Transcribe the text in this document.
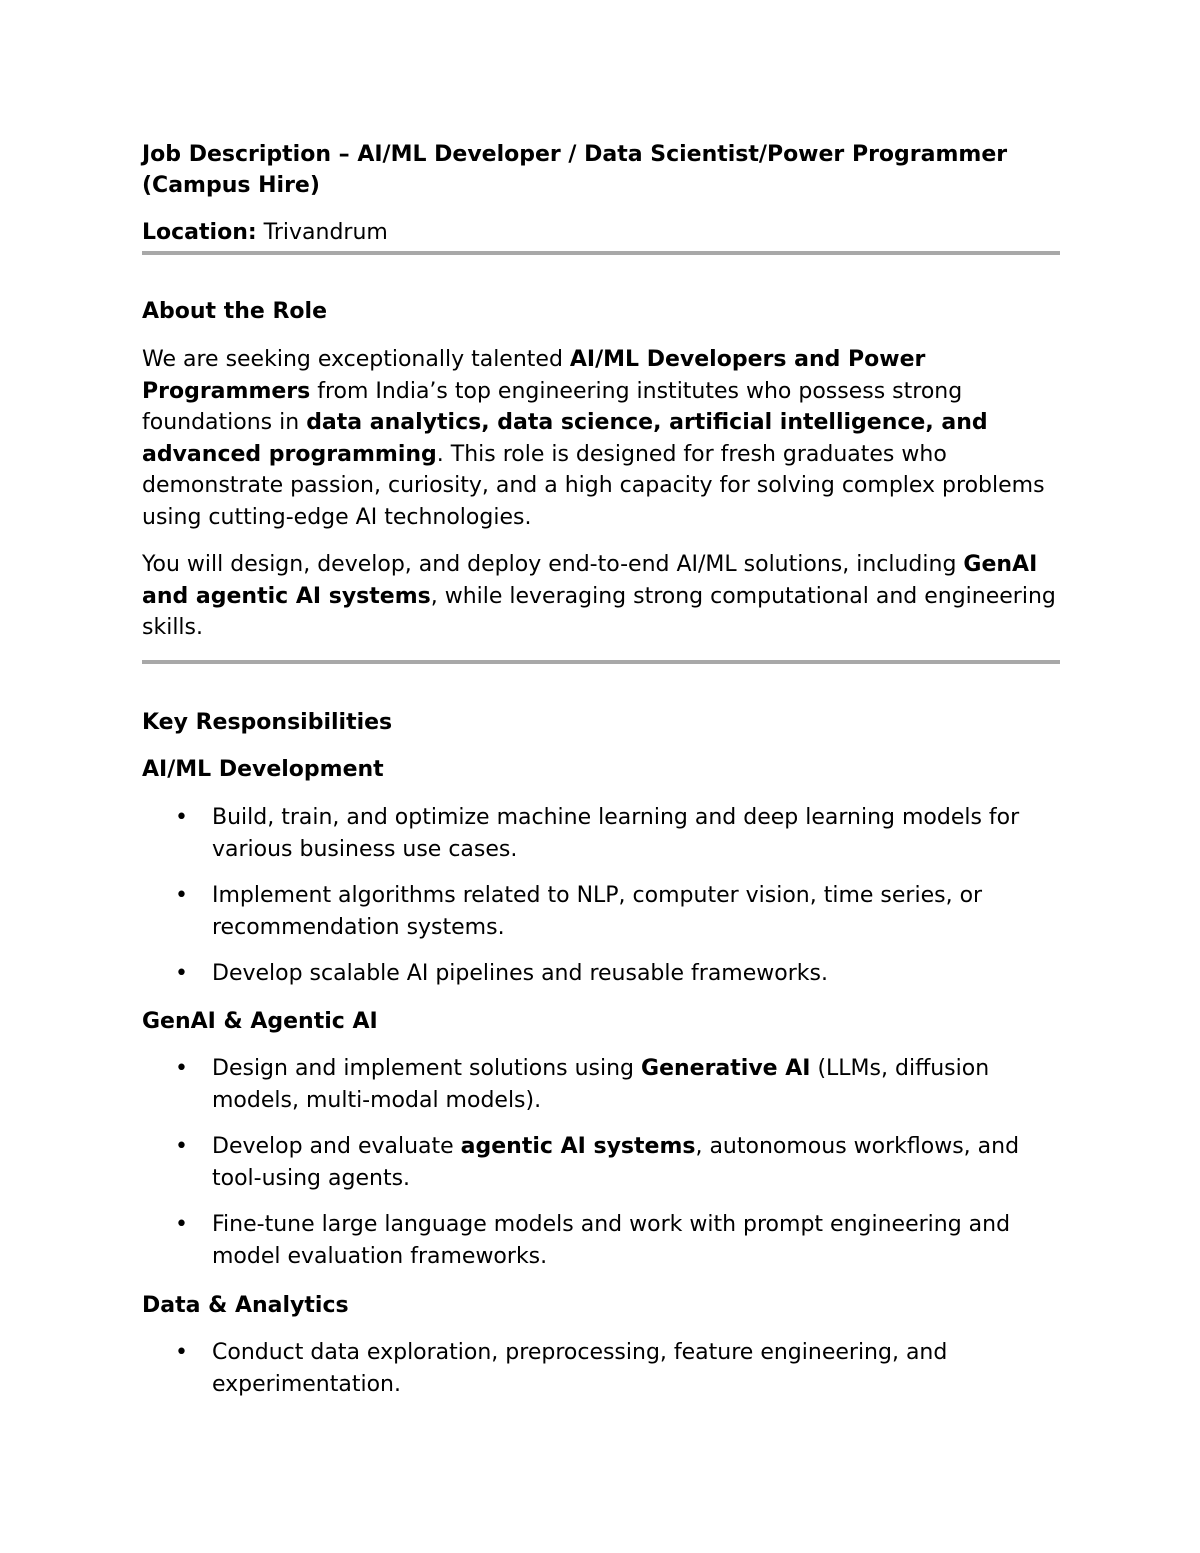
Job Description – AI/ML Developer / Data Scientist/Power Programmer (Campus Hire)

Location: Trivandrum

About the Role

We are seeking exceptionally talented AI/ML Developers and Power Programmers from India’s top engineering institutes who possess strong foundations in data analytics, data science, artificial intelligence, and advanced programming. This role is designed for fresh graduates who demonstrate passion, curiosity, and a high capacity for solving complex problems using cutting-edge AI technologies.

You will design, develop, and deploy end-to-end AI/ML solutions, including GenAI and agentic AI systems, while leveraging strong computational and engineering skills.

Key Responsibilities

AI/ML Development

• Build, train, and optimize machine learning and deep learning models for various business use cases.
• Implement algorithms related to NLP, computer vision, time series, or recommendation systems.
• Develop scalable AI pipelines and reusable frameworks.

GenAI & Agentic AI

• Design and implement solutions using Generative AI (LLMs, diffusion models, multi-modal models).
• Develop and evaluate agentic AI systems, autonomous workflows, and tool-using agents.
• Fine-tune large language models and work with prompt engineering and model evaluation frameworks.

Data & Analytics

• Conduct data exploration, preprocessing, feature engineering, and experimentation.
